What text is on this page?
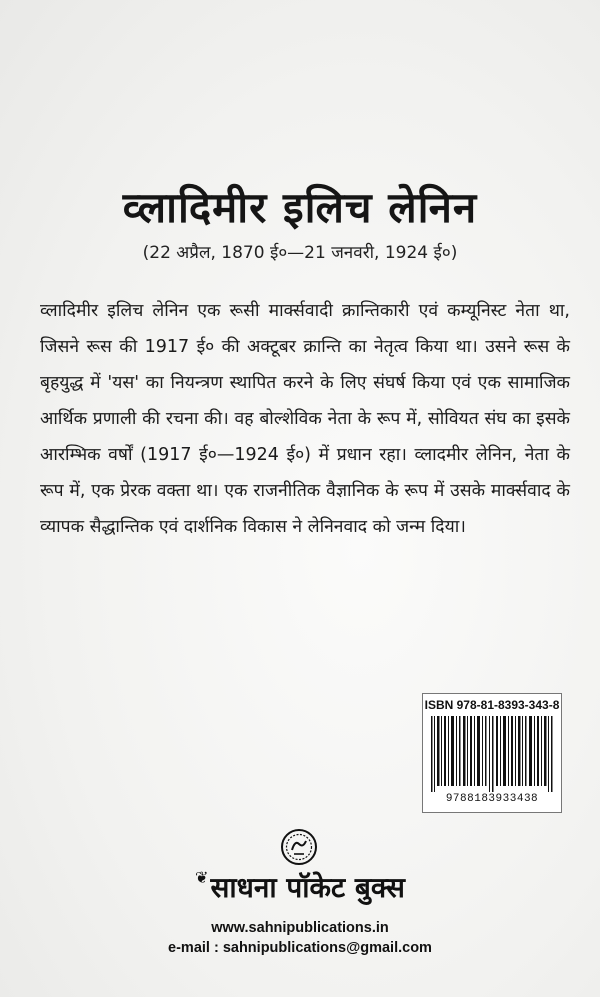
व्लादिमीर इलिच लेनिन
(22 अप्रैल, 1870 ई०—21 जनवरी, 1924 ई०)
व्लादिमीर इलिच लेनिन एक रूसी मार्क्सवादी क्रान्तिकारी एवं कम्यूनिस्ट नेता था, जिसने रूस की 1917 ई० की अक्टूबर क्रान्ति का नेतृत्व किया था। उसने रूस के बृहयुद्ध में 'यस' का नियन्त्रण स्थापित करने के लिए संघर्ष किया एवं एक सामाजिक आर्थिक प्रणाली की रचना की। वह बोल्शेविक नेता के रूप में, सोवियत संघ का इसके आरम्भिक वर्षों (1917 ई०—1924 ई०) में प्रधान रहा। व्लादमीर लेनिन, नेता के रूप में, एक प्रेरक वक्ता था। एक राजनीतिक वैज्ञानिक के रूप में उसके मार्क्सवाद के व्यापक सैद्धान्तिक एवं दार्शनिक विकास ने लेनिनवाद को जन्म दिया।
ISBN 978-81-8393-343-8
9788183933438
❦साधना पॉकेट बुक्स
www.sahnipublications.in
e-mail : sahnipublications@gmail.com
